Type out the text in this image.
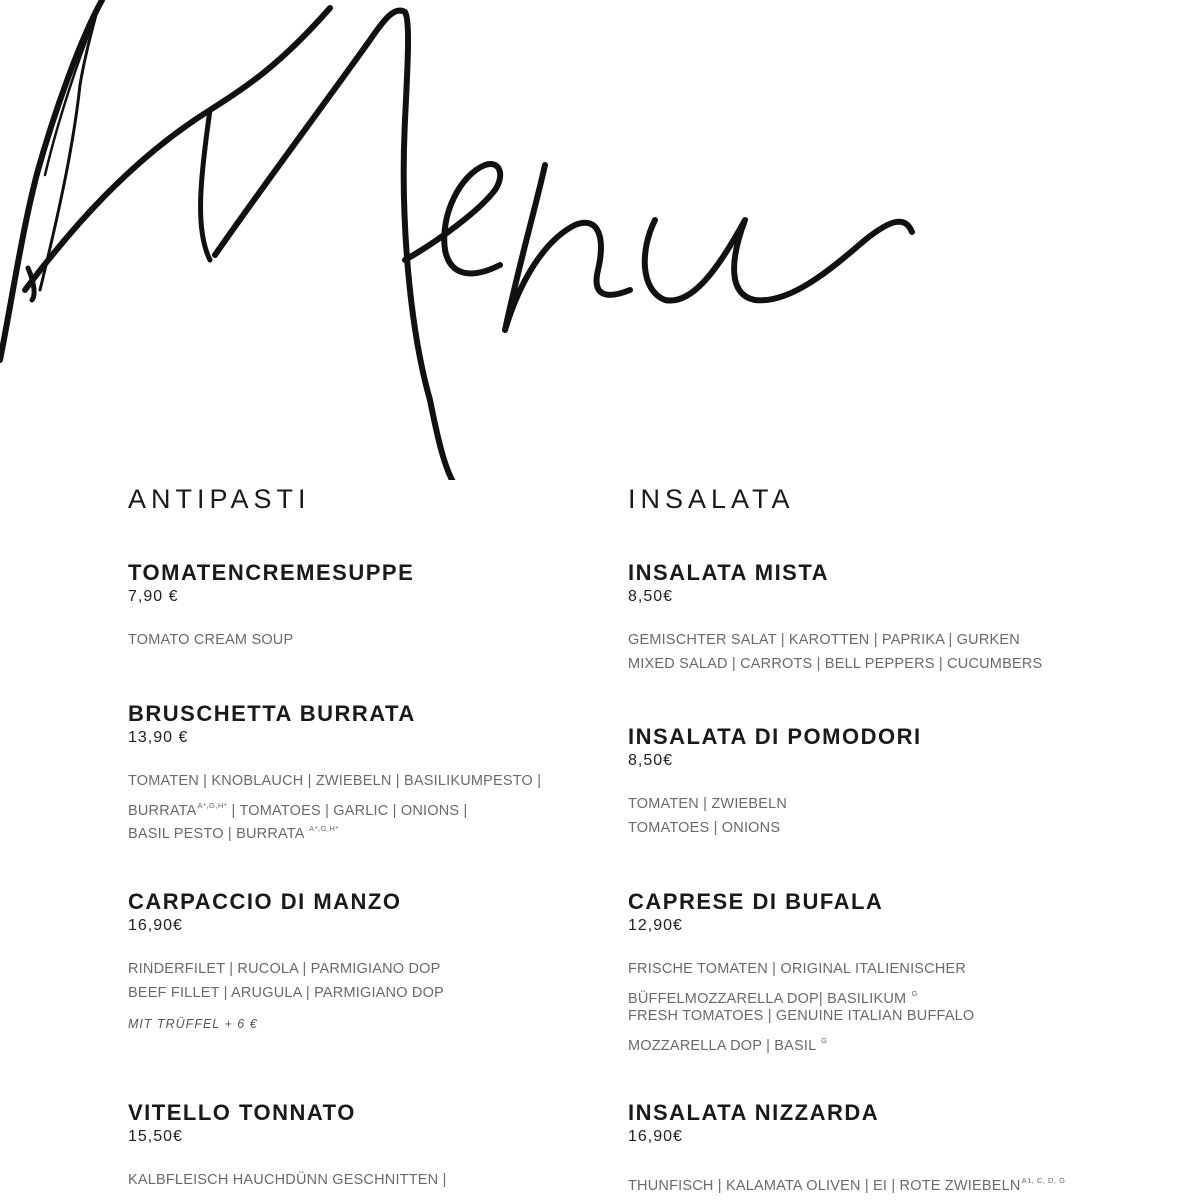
ANTIPASTI
TOMATENCREMESUPPE
7,90 €
TOMATO CREAM SOUP
BRUSCHETTA BURRATA
13,90 €
TOMATEN | KNOBLAUCH | ZWIEBELN | BASILIKUMPESTO |
$BURRATA^{A*,G,H*}$ | TOMATOES | GARLIC | ONIONS |
BASIL PESTO | BURRATA $^{A*,G,H*}$
CARPACCIO DI MANZO
16,90€
RINDERFILET | RUCOLA | PARMIGIANO DOP
BEEF FILLET | ARUGULA | PARMIGIANO DOP
MIT TRÜFFEL + 6 €
VITELLO TONNATO
15,50€
KALBFLEISCH HAUCHDÜNN GESCHNITTEN |
INSALATA
INSALATA MISTA
8,50€
GEMISCHTER SALAT | KAROTTEN | PAPRIKA | GURKEN
MIXED SALAD | CARROTS | BELL PEPPERS | CUCUMBERS
INSALATA DI POMODORI
8,50€
TOMATEN | ZWIEBELN
TOMATOES | ONIONS
CAPRESE DI BUFALA
12,90€
FRISCHE TOMATEN | ORIGINAL ITALIENISCHER
BÜFFELMOZZARELLA DOP| BASILIKUM $^G$
FRESH TOMATOES | GENUINE ITALIAN BUFFALO
MOZZARELLA DOP | BASIL $^G$
INSALATA NIZZARDA
16,90€
THUNFISCH | KALAMATA OLIVEN | EI | ROTE $ZWIEBELN^{A1, C, D, G}$
